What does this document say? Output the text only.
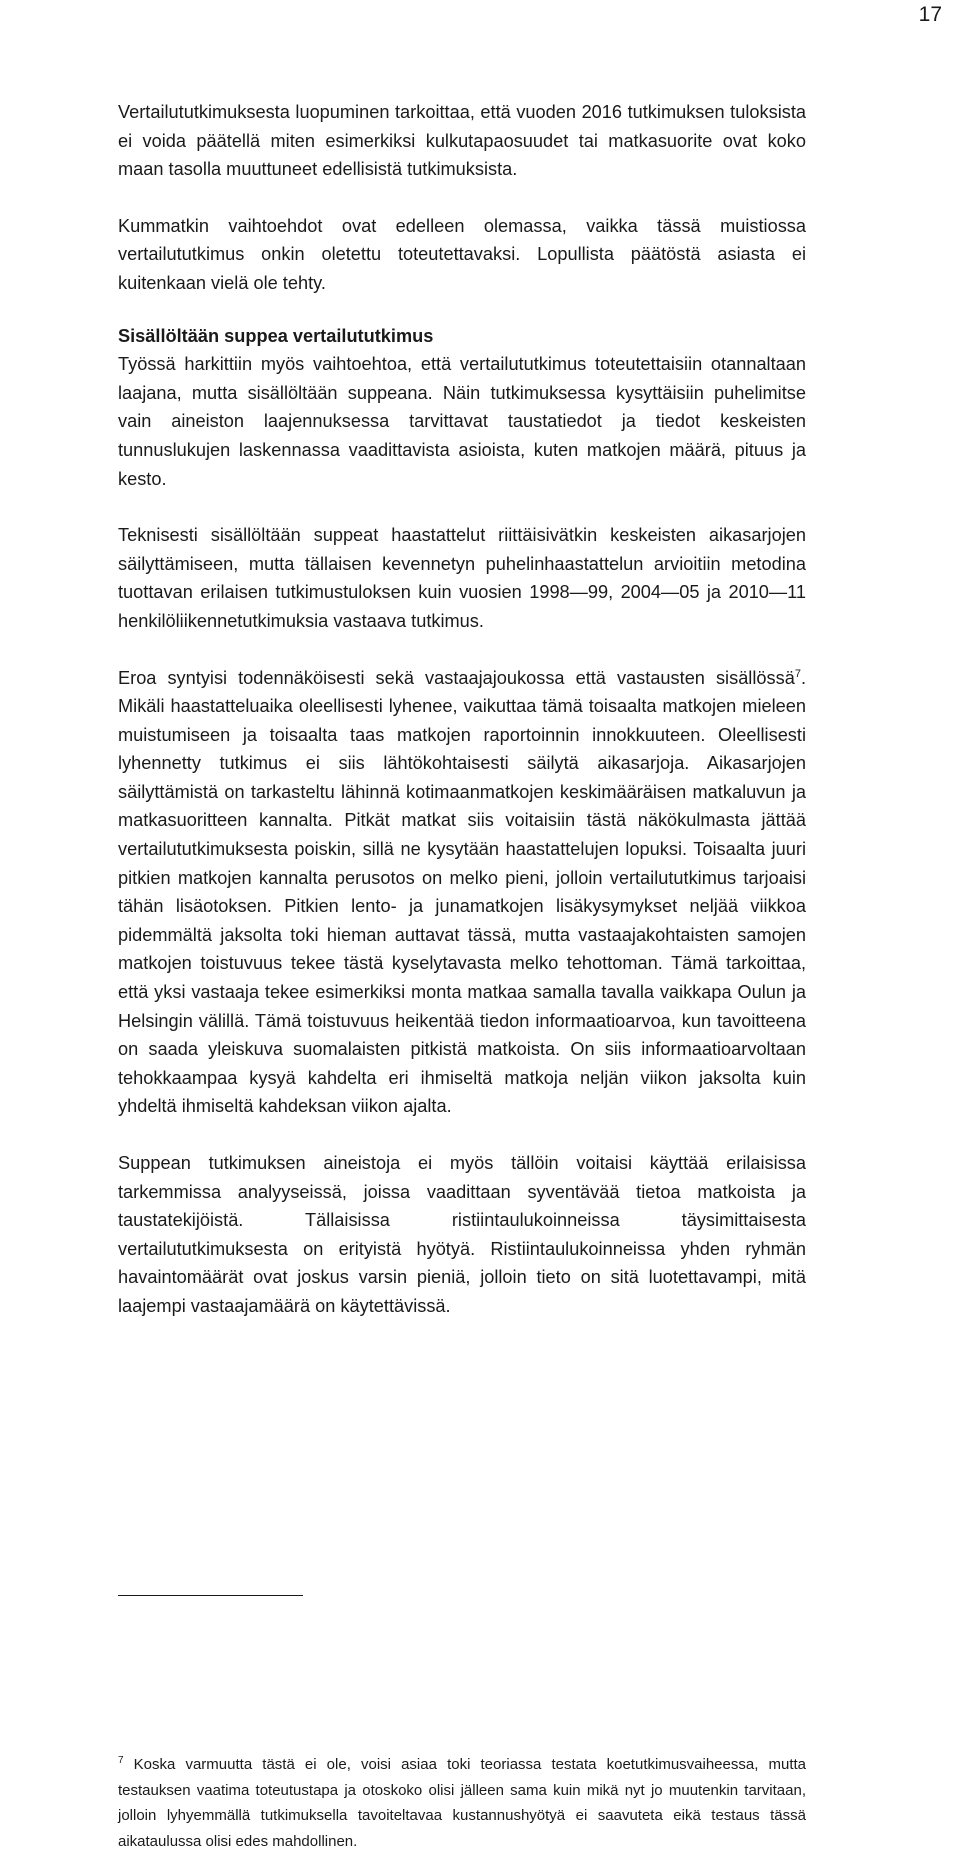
17

Vertailututkimuksesta luopuminen tarkoittaa, että vuoden 2016 tutkimuksen tuloksista ei voida päätellä miten esimerkiksi kulkutapaosuudet tai matkasuorite ovat koko maan tasolla muuttuneet edellisistä tutkimuksista.

Kummatkin vaihtoehdot ovat edelleen olemassa, vaikka tässä muistiossa vertailututkimus onkin oletettu toteutettavaksi. Lopullista päätöstä asiasta ei kuitenkaan vielä ole tehty.

Sisällöltään suppea vertailututkimus

Työssä harkittiin myös vaihtoehtoa, että vertailututkimus toteutettaisiin otannaltaan laajana, mutta sisällöltään suppeana. Näin tutkimuksessa kysyttäisiin puhelimitse vain aineiston laajennuksessa tarvittavat taustatiedot ja tiedot keskeisten tunnuslukujen laskennassa vaadittavista asioista, kuten matkojen määrä, pituus ja kesto.

Teknisesti sisällöltään suppeat haastattelut riittäisivätkin keskeisten aikasarjojen säilyttämiseen, mutta tällaisen kevennetyn puhelinhaastattelun arvioitiin metodina tuottavan erilaisen tutkimustuloksen kuin vuosien 1998—99, 2004—05 ja 2010—11 henkilöliikennetutkimuksia vastaava tutkimus.

Eroa syntyisi todennäköisesti sekä vastaajajoukossa että vastausten sisällössä$^7$. Mikäli haastatteluaika oleellisesti lyhenee, vaikuttaa tämä toisaalta matkojen mieleen muistumiseen ja toisaalta taas matkojen raportoinnin innokkuuteen. Oleellisesti lyhennetty tutkimus ei siis lähtökohtaisesti säilytä aikasarjoja. Aikasarjojen säilyttämistä on tarkasteltu lähinnä kotimaanmatkojen keskimääräisen matkaluvun ja matkasuoritteen kannalta. Pitkät matkat siis voitaisiin tästä näkökulmasta jättää vertailututkimuksesta poiskin, sillä ne kysytään haastattelujen lopuksi. Toisaalta juuri pitkien matkojen kannalta perusotos on melko pieni, jolloin vertailututkimus tarjoaisi tähän lisäotoksen. Pitkien lento- ja junamatkojen lisäkysymykset neljää viikkoa pidemmältä jaksolta toki hieman auttavat tässä, mutta vastaajakohtaisten samojen matkojen toistuvuus tekee tästä kyselytavasta melko tehottoman. Tämä tarkoittaa, että yksi vastaaja tekee esimerkiksi monta matkaa samalla tavalla vaikkapa Oulun ja Helsingin välillä. Tämä toistuvuus heikentää tiedon informaatioarvoa, kun tavoitteena on saada yleiskuva suomalaisten pitkistä matkoista. On siis informaatioarvoltaan tehokkaampaa kysyä kahdelta eri ihmiseltä matkoja neljän viikon jaksolta kuin yhdeltä ihmiseltä kahdeksan viikon ajalta.

Suppean tutkimuksen aineistoja ei myös tällöin voitaisi käyttää erilaisissa tarkemmissa analyyseissä, joissa vaadittaan syventävää tietoa matkoista ja taustatekijöistä. Tällaisissa ristiintaulukoinneissa täysimittaisesta vertailututkimuksesta on erityistä hyötyä. Ristiintaulukoinneissa yhden ryhmän havaintomäärät ovat joskus varsin pieniä, jolloin tieto on sitä luotettavampi, mitä laajempi vastaajamäärä on käytettävissä.

$^7$ Koska varmuutta tästä ei ole, voisi asiaa toki teoriassa testata koetutkimusvaiheessa, mutta testauksen vaatima toteutustapa ja otoskoko olisi jälleen sama kuin mikä nyt jo muutenkin tarvitaan, jolloin lyhyemmällä tutkimuksella tavoiteltavaa kustannushyötyä ei saavuteta eikä testaus tässä aikataulussa olisi edes mahdollinen.
